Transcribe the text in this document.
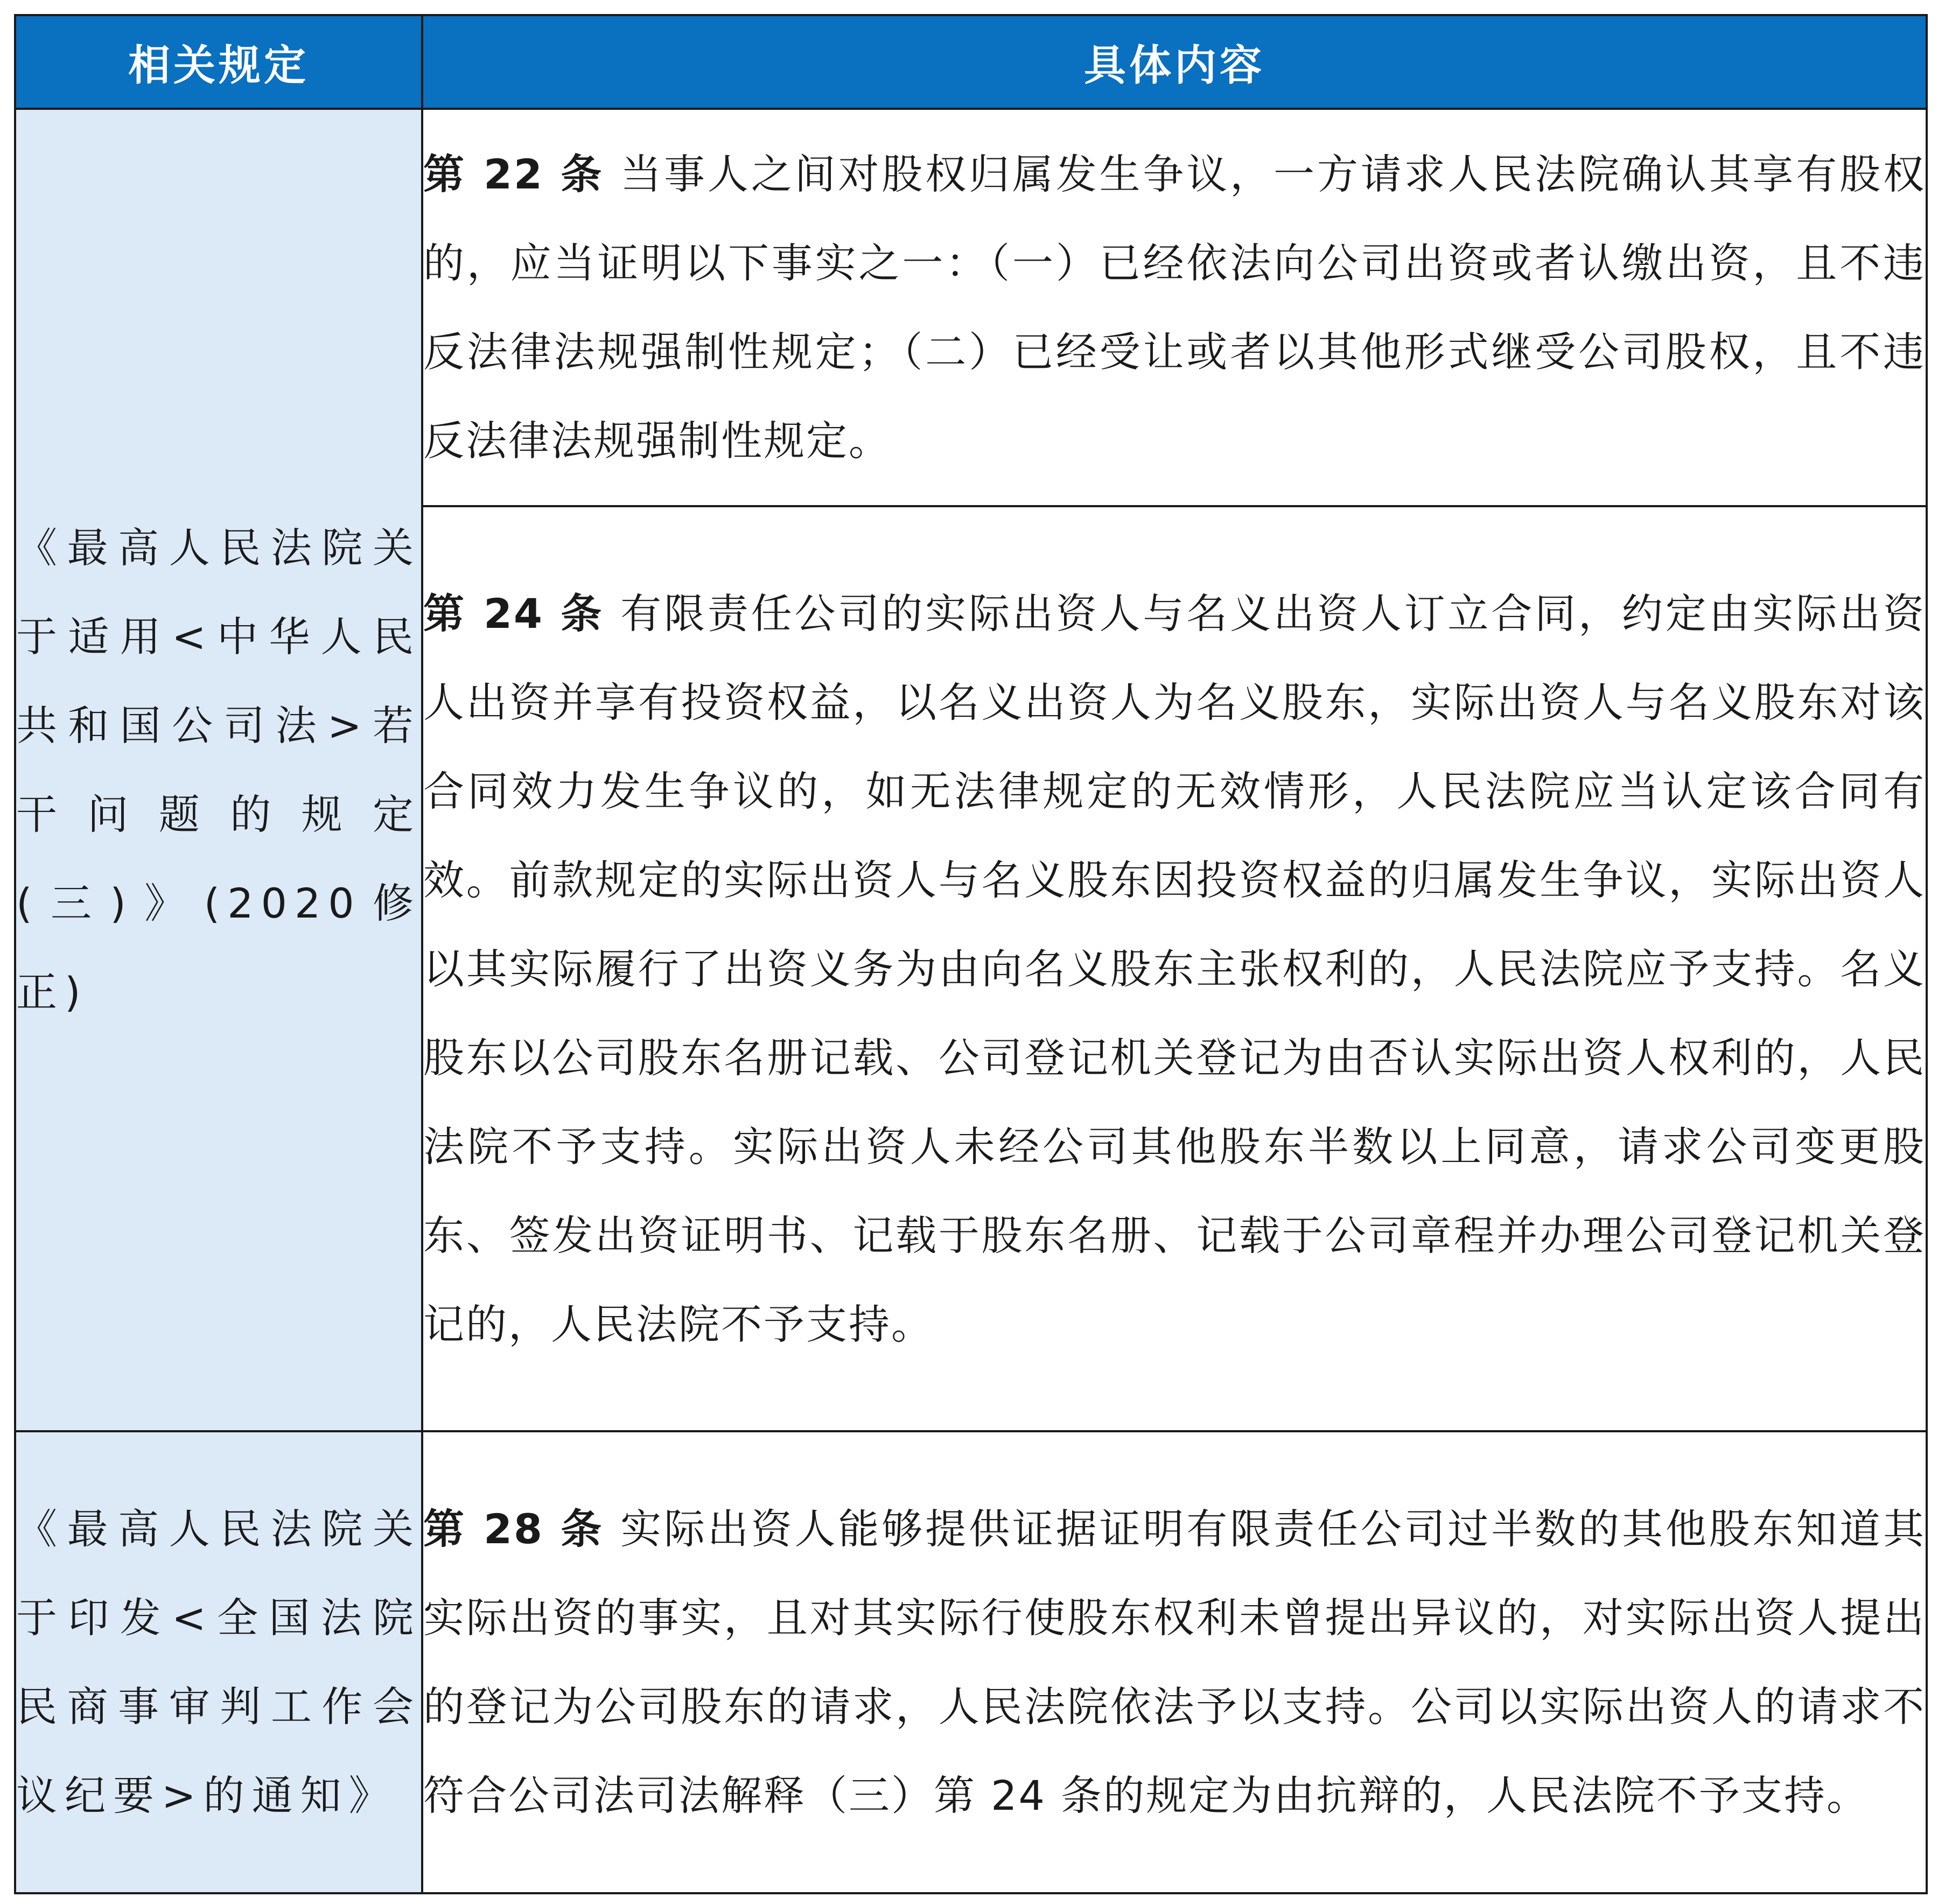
相关规定	具体内容

《最高人民法院关于适用<中华人民共和国公司法>若干问题的规定(三)》(2020修正)	第 22 条 当事人之间对股权归属发生争议，一方请求人民法院确认其享有股权的，应当证明以下事实之一：（一）已经依法向公司出资或者认缴出资，且不违反法律法规强制性规定；（二）已经受让或者以其他形式继受公司股权，且不违反法律法规强制性规定。

	第 24 条 有限责任公司的实际出资人与名义出资人订立合同，约定由实际出资人出资并享有投资权益，以名义出资人为名义股东，实际出资人与名义股东对该合同效力发生争议的，如无法律规定的无效情形，人民法院应当认定该合同有效。前款规定的实际出资人与名义股东因投资权益的归属发生争议，实际出资人以其实际履行了出资义务为由向名义股东主张权利的，人民法院应予支持。名义股东以公司股东名册记载、公司登记机关登记为由否认实际出资人权利的，人民法院不予支持。实际出资人未经公司其他股东半数以上同意，请求公司变更股东、签发出资证明书、记载于股东名册、记载于公司章程并办理公司登记机关登记的，人民法院不予支持。

《最高人民法院关于印发<全国法院民商事审判工作会议纪要>的通知》	第 28 条 实际出资人能够提供证据证明有限责任公司过半数的其他股东知道其实际出资的事实，且对其实际行使股东权利未曾提出异议的，对实际出资人提出的登记为公司股东的请求，人民法院依法予以支持。公司以实际出资人的请求不符合公司法司法解释（三）第 24 条的规定为由抗辩的，人民法院不予支持。
